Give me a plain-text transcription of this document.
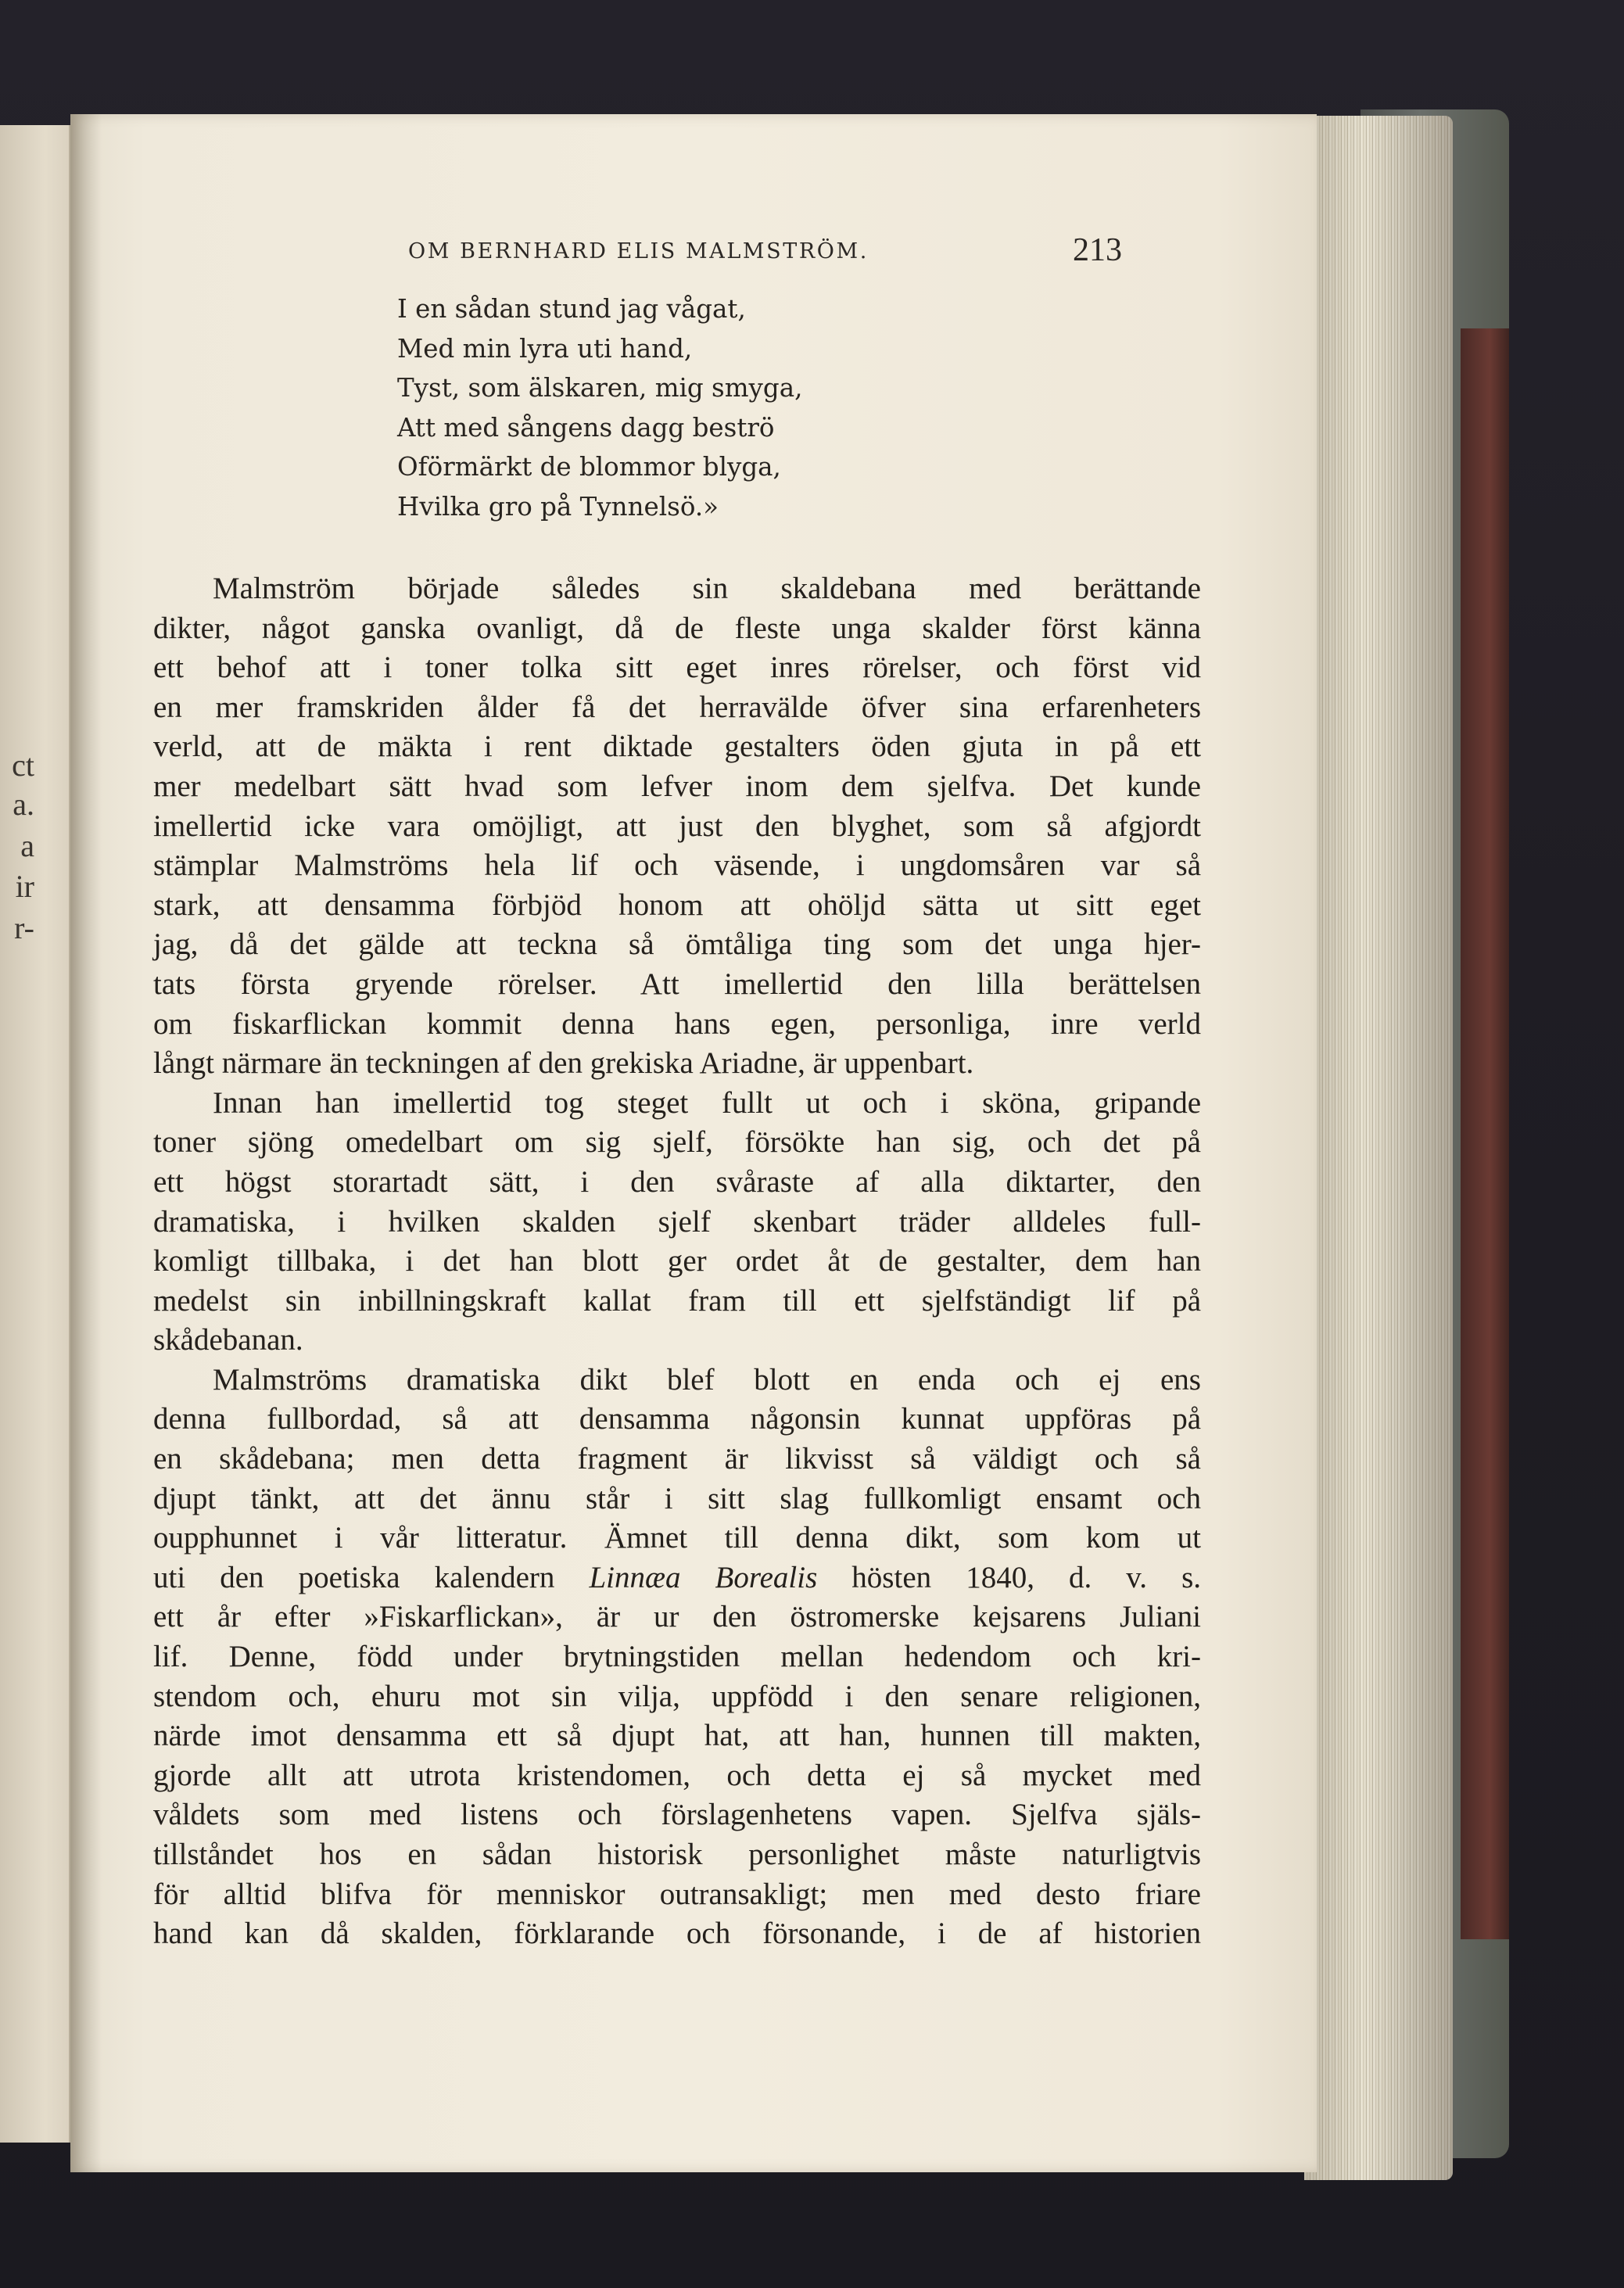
ct
a.
a
ir
r-
OM BERNHARD ELIS MALMSTRÖM.	213
I en sådan stund jag vågat,
Med min lyra uti hand,
Tyst, som älskaren, mig smyga,
Att med sångens dagg beströ
Oförmärkt de blommor blyga,
Hvilka gro på Tynnelsö.»
Malmström började således sin skaldebana med berättande
dikter, något ganska ovanligt, då de fleste unga skalder först känna
ett behof att i toner tolka sitt eget inres rörelser, och först vid
en mer framskriden ålder få det herravälde öfver sina erfarenheters
verld, att de mäkta i rent diktade gestalters öden gjuta in på ett
mer medelbart sätt hvad som lefver inom dem sjelfva. Det kunde
imellertid icke vara omöjligt, att just den blyghet, som så afgjordt
stämplar Malmströms hela lif och väsende, i ungdomsåren var så
stark, att densamma förbjöd honom att ohöljd sätta ut sitt eget
jag, då det gälde att teckna så ömtåliga ting som det unga hjer-
tats första gryende rörelser. Att imellertid den lilla berättelsen
om fiskarflickan kommit denna hans egen, personliga, inre verld
långt närmare än teckningen af den grekiska Ariadne, är uppenbart.
Innan han imellertid tog steget fullt ut och i sköna, gripande
toner sjöng omedelbart om sig sjelf, försökte han sig, och det på
ett högst storartadt sätt, i den svåraste af alla diktarter, den
dramatiska, i hvilken skalden sjelf skenbart träder alldeles full-
komligt tillbaka, i det han blott ger ordet åt de gestalter, dem han
medelst sin inbillningskraft kallat fram till ett sjelfständigt lif på
skådebanan.
Malmströms dramatiska dikt blef blott en enda och ej ens
denna fullbordad, så att densamma någonsin kunnat uppföras på
en skådebana; men detta fragment är likvisst så väldigt och så
djupt tänkt, att det ännu står i sitt slag fullkomligt ensamt och
oupphunnet i vår litteratur. Ämnet till denna dikt, som kom ut
uti den poetiska kalendern Linnæa Borealis hösten 1840, d. v. s.
ett år efter »Fiskarflickan», är ur den östromerske kejsarens Juliani
lif. Denne, född under brytningstiden mellan hedendom och kri-
stendom och, ehuru mot sin vilja, uppfödd i den senare religionen,
närde imot densamma ett så djupt hat, att han, hunnen till makten,
gjorde allt att utrota kristendomen, och detta ej så mycket med
våldets som med listens och förslagenhetens vapen. Sjelfva själs-
tillståndet hos en sådan historisk personlighet måste naturligtvis
för alltid blifva för menniskor outransakligt; men med desto friare
hand kan då skalden, förklarande och försonande, i de af historien
